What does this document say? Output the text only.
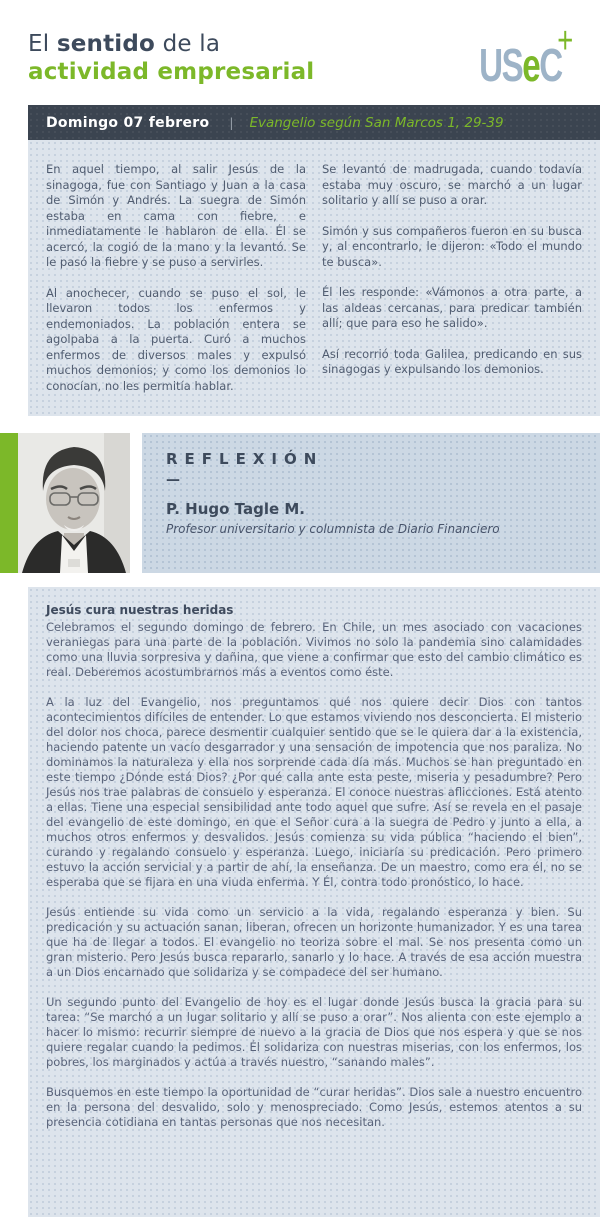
El sentido de la
actividad empresarial	USeC
+
Domingo 07 febrero | Evangelio según San Marcos 1, 29-39

En aquel tiempo, al salir Jesús de la sinagoga, fue con Santiago y Juan a la casa de Simón y Andrés. La suegra de Simón estaba en cama con fiebre, e inmediatamente le hablaron de ella. Él se acercó, la cogió de la mano y la levantó. Se le pasó la fiebre y se puso a servirles.

Al anochecer, cuando se puso el sol, le llevaron todos los enfermos y endemoniados. La población entera se agolpaba a la puerta. Curó a muchos enfermos de diversos males y expulsó muchos demonios; y como los demonios lo conocían, no les permitía hablar.

Se levantó de madrugada, cuando todavía estaba muy oscuro, se marchó a un lugar solitario y allí se puso a orar.

Simón y sus compañeros fueron en su busca y, al encontrarlo, le dijeron: «Todo el mundo te busca».

Él les responde: «Vámonos a otra parte, a las aldeas cercanas, para predicar también allí; que para eso he salido».

Así recorrió toda Galilea, predicando en sus sinagogas y expulsando los demonios.

REFLEXIÓN
—
P. Hugo Tagle M.
Profesor universitario y columnista de Diario Financiero
Jesús cura nuestras heridas

Celebramos el segundo domingo de febrero. En Chile, un mes asociado con vacaciones veraniegas para una parte de la población. Vivimos no solo la pandemia sino calamidades como una lluvia sorpresiva y dañina, que viene a confirmar que esto del cambio climático es real. Deberemos acostumbrarnos más a eventos como éste.

A la luz del Evangelio, nos preguntamos qué nos quiere decir Dios con tantos acontecimientos difíciles de entender. Lo que estamos viviendo nos desconcierta. El misterio del dolor nos choca, parece desmentir cualquier sentido que se le quiera dar a la existencia, haciendo patente un vacío desgarrador y una sensación de impotencia que nos paraliza. No dominamos la naturaleza y ella nos sorprende cada día más. Muchos se han preguntado en este tiempo ¿Dónde está Dios? ¿Por qué calla ante esta peste, miseria y pesadumbre? Pero Jesús nos trae palabras de consuelo y esperanza. El conoce nuestras aflicciones. Está atento a ellas. Tiene una especial sensibilidad ante todo aquel que sufre. Así se revela en el pasaje del evangelio de este domingo, en que el Señor cura a la suegra de Pedro y junto a ella, a muchos otros enfermos y desvalidos. Jesús comienza su vida pública “haciendo el bien”, curando y regalando consuelo y esperanza. Luego, iniciaría su predicación. Pero primero estuvo la acción servicial y a partir de ahí, la enseñanza. De un maestro, como era él, no se esperaba que se fijara en una viuda enferma. Y Él, contra todo pronóstico, lo hace.

Jesús entiende su vida como un servicio a la vida, regalando esperanza y bien. Su predicación y su actuación sanan, liberan, ofrecen un horizonte humanizador. Y es una tarea que ha de llegar a todos. El evangelio no teoriza sobre el mal. Se nos presenta como un gran misterio. Pero Jesús busca repararlo, sanarlo y lo hace. A través de esa acción muestra a un Dios encarnado que solidariza y se compadece del ser humano.

Un segundo punto del Evangelio de hoy es el lugar donde Jesús busca la gracia para su tarea: “Se marchó a un lugar solitario y allí se puso a orar”. Nos alienta con este ejemplo a hacer lo mismo: recurrir siempre de nuevo a la gracia de Dios que nos espera y que se nos quiere regalar cuando la pedimos. Él solidariza con nuestras miserias, con los enfermos, los pobres, los marginados y actúa a través nuestro, “sanando males”.

Busquemos en este tiempo la oportunidad de “curar heridas”. Dios sale a nuestro encuentro en la persona del desvalido, solo y menospreciado. Como Jesús, estemos atentos a su presencia cotidiana en tantas personas que nos necesitan.
